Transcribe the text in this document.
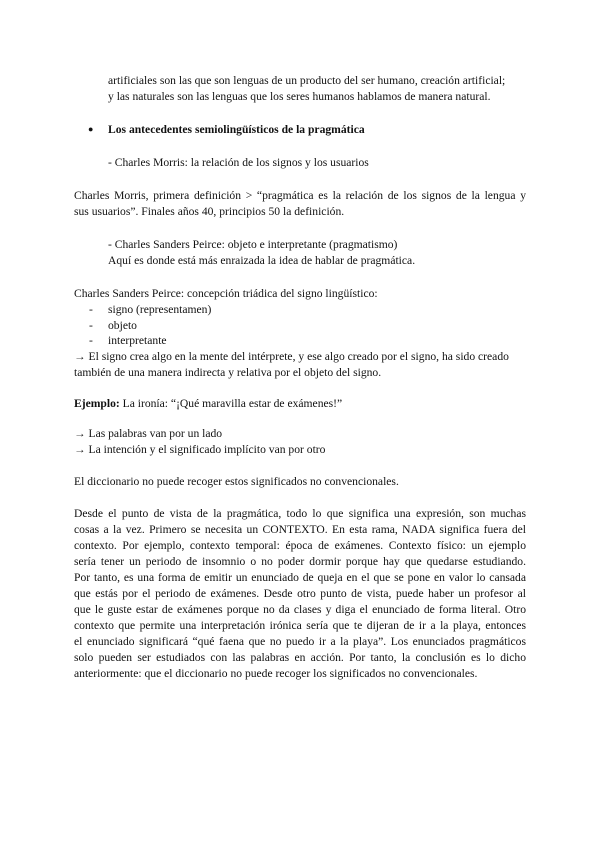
artificiales son las que son lenguas de un producto del ser humano, creación artificial;
y las naturales son las lenguas que los seres humanos hablamos de manera natural.
● Los antecedentes semiolingüísticos de la pragmática
- Charles Morris: la relación de los signos y los usuarios
Charles Morris, primera definición > “pragmática es la relación de los signos de la lengua y
sus usuarios”. Finales años 40, principios 50 la definición.
- Charles Sanders Peirce: objeto e interpretante (pragmatismo)
Aquí es donde está más enraizada la idea de hablar de pragmática.
Charles Sanders Peirce: concepción triádica del signo lingüístico:
- signo (representamen)
- objeto
- interpretante
→ El signo crea algo en la mente del intérprete, y ese algo creado por el signo, ha sido creado
también de una manera indirecta y relativa por el objeto del signo.
Ejemplo: La ironía: “¡Qué maravilla estar de exámenes!”
→ Las palabras van por un lado
→ La intención y el significado implícito van por otro
El diccionario no puede recoger estos significados no convencionales.
Desde el punto de vista de la pragmática, todo lo que significa una expresión, son muchas
cosas a la vez. Primero se necesita un CONTEXTO. En esta rama, NADA significa fuera del
contexto. Por ejemplo, contexto temporal: época de exámenes. Contexto físico: un ejemplo
sería tener un periodo de insomnio o no poder dormir porque hay que quedarse estudiando.
Por tanto, es una forma de emitir un enunciado de queja en el que se pone en valor lo cansada
que estás por el periodo de exámenes. Desde otro punto de vista, puede haber un profesor al
que le guste estar de exámenes porque no da clases y diga el enunciado de forma literal. Otro
contexto que permite una interpretación irónica sería que te dijeran de ir a la playa, entonces
el enunciado significará “qué faena que no puedo ir a la playa”. Los enunciados pragmáticos
solo pueden ser estudiados con las palabras en acción. Por tanto, la conclusión es lo dicho
anteriormente: que el diccionario no puede recoger los significados no convencionales.
